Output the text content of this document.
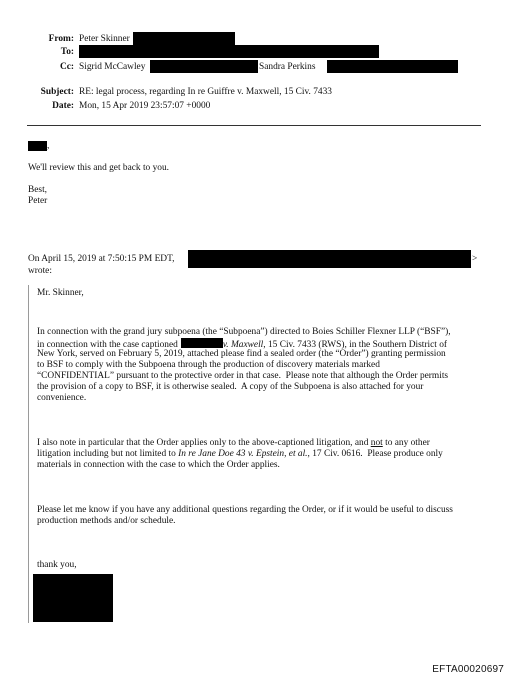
From: Peter Skinner
To:
Cc: Sigrid McCawley	Sandra Perkins
Subject: RE: legal process, regarding In re Guiffre v. Maxwell, 15 Civ. 7433
Date: Mon, 15 Apr 2019 23:57:07 +0000
,
We'll review this and get back to you.
Best,
Peter
On April 15, 2019 at 7:50:15 PM EDT,	>
wrote:
Mr. Skinner,
In connection with the grand jury subpoena (the “Subpoena”) directed to Boies Schiller Flexner LLP (“BSF”),
in connection with the case captioned	v. Maxwell, 15 Civ. 7433 (RWS), in the Southern District of
New York, served on February 5, 2019, attached please find a sealed order (the “Order”) granting permission
to BSF to comply with the Subpoena through the production of discovery materials marked
“CONFIDENTIAL” pursuant to the protective order in that case.  Please note that although the Order permits
the provision of a copy to BSF, it is otherwise sealed.  A copy of the Subpoena is also attached for your
convenience.
I also note in particular that the Order applies only to the above-captioned litigation, and not to any other
litigation including but not limited to In re Jane Doe 43 v. Epstein, et al., 17 Civ. 0616.  Please produce only
materials in connection with the case to which the Order applies.
Please let me know if you have any additional questions regarding the Order, or if it would be useful to discuss
production methods and/or schedule.
thank you,
EFTA00020697
